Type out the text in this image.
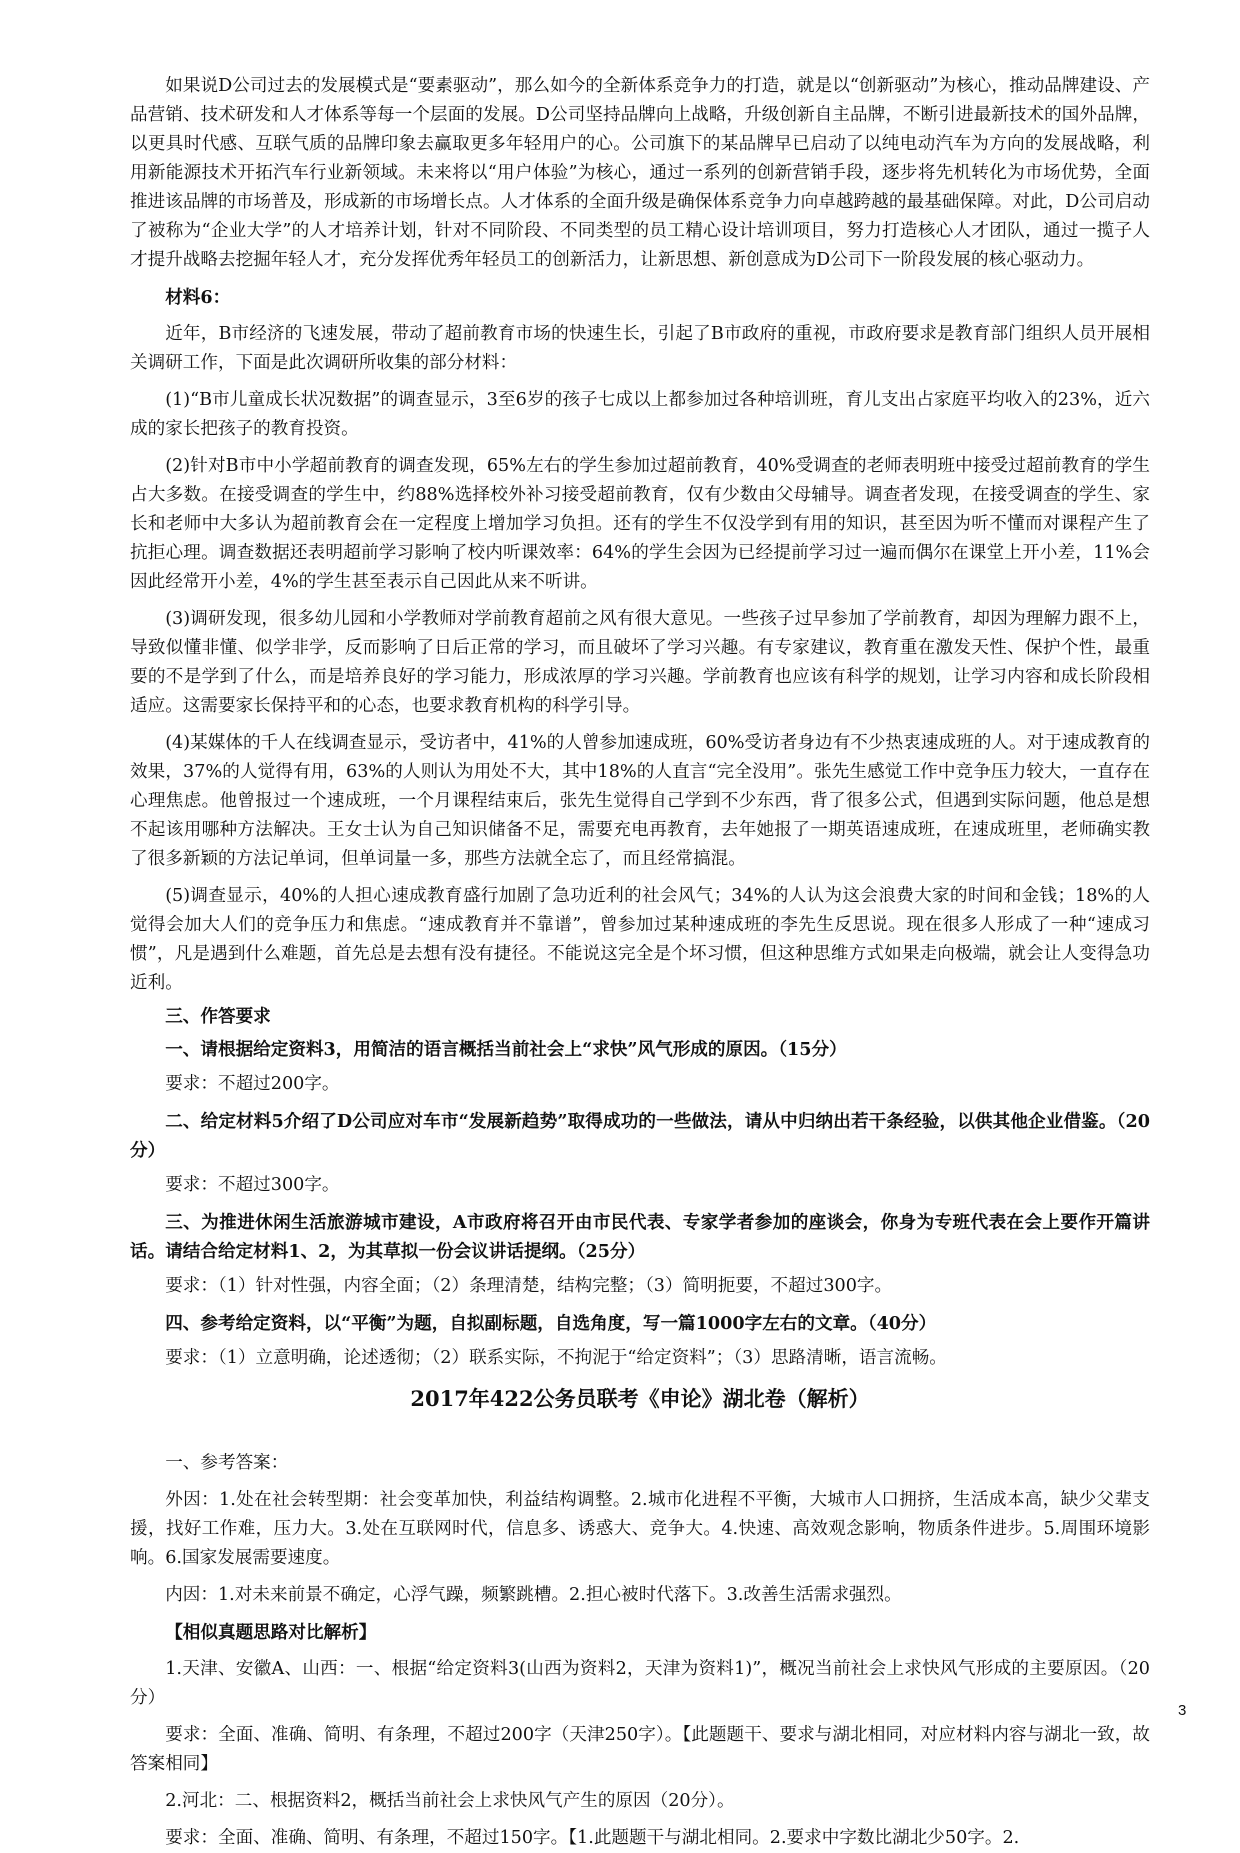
如果说D公司过去的发展模式是“要素驱动”，那么如今的全新体系竞争力的打造，就是以“创新驱动”为核心，推动品牌建设、产品营销、技术研发和人才体系等每一个层面的发展。D公司坚持品牌向上战略，升级创新自主品牌，不断引进最新技术的国外品牌，以更具时代感、互联气质的品牌印象去赢取更多年轻用户的心。公司旗下的某品牌早已启动了以纯电动汽车为方向的发展战略，利用新能源技术开拓汽车行业新领域。未来将以“用户体验”为核心，通过一系列的创新营销手段，逐步将先机转化为市场优势，全面推进该品牌的市场普及，形成新的市场增长点。人才体系的全面升级是确保体系竞争力向卓越跨越的最基础保障。对此，D公司启动了被称为“企业大学”的人才培养计划，针对不同阶段、不同类型的员工精心设计培训项目，努力打造核心人才团队，通过一揽子人才提升战略去挖掘年轻人才，充分发挥优秀年轻员工的创新活力，让新思想、新创意成为D公司下一阶段发展的核心驱动力。

材料6：

近年，B市经济的飞速发展，带动了超前教育市场的快速生长，引起了B市政府的重视，市政府要求是教育部门组织人员开展相关调研工作，下面是此次调研所收集的部分材料：

(1)“B市儿童成长状况数据”的调查显示，3至6岁的孩子七成以上都参加过各种培训班，育儿支出占家庭平均收入的23%，近六成的家长把孩子的教育投资。

(2)针对B市中小学超前教育的调查发现，65%左右的学生参加过超前教育，40%受调查的老师表明班中接受过超前教育的学生占大多数。在接受调查的学生中，约88%选择校外补习接受超前教育，仅有少数由父母辅导。调查者发现，在接受调查的学生、家长和老师中大多认为超前教育会在一定程度上增加学习负担。还有的学生不仅没学到有用的知识，甚至因为听不懂而对课程产生了抗拒心理。调查数据还表明超前学习影响了校内听课效率：64%的学生会因为已经提前学习过一遍而偶尔在课堂上开小差，11%会因此经常开小差，4%的学生甚至表示自己因此从来不听讲。

(3)调研发现，很多幼儿园和小学教师对学前教育超前之风有很大意见。一些孩子过早参加了学前教育，却因为理解力跟不上，导致似懂非懂、似学非学，反而影响了日后正常的学习，而且破坏了学习兴趣。有专家建议，教育重在激发天性、保护个性，最重要的不是学到了什么，而是培养良好的学习能力，形成浓厚的学习兴趣。学前教育也应该有科学的规划，让学习内容和成长阶段相适应。这需要家长保持平和的心态，也要求教育机构的科学引导。

(4)某媒体的千人在线调查显示，受访者中，41%的人曾参加速成班，60%受访者身边有不少热衷速成班的人。对于速成教育的效果，37%的人觉得有用，63%的人则认为用处不大，其中18%的人直言“完全没用”。张先生感觉工作中竞争压力较大，一直存在心理焦虑。他曾报过一个速成班，一个月课程结束后，张先生觉得自己学到不少东西，背了很多公式，但遇到实际问题，他总是想不起该用哪种方法解决。王女士认为自己知识储备不足，需要充电再教育，去年她报了一期英语速成班，在速成班里，老师确实教了很多新颖的方法记单词，但单词量一多，那些方法就全忘了，而且经常搞混。

(5)调查显示，40%的人担心速成教育盛行加剧了急功近利的社会风气；34%的人认为这会浪费大家的时间和金钱；18%的人觉得会加大人们的竞争压力和焦虑。“速成教育并不靠谱”，曾参加过某种速成班的李先生反思说。现在很多人形成了一种“速成习惯”，凡是遇到什么难题，首先总是去想有没有捷径。不能说这完全是个坏习惯，但这种思维方式如果走向极端，就会让人变得急功近利。

三、作答要求

一、请根据给定资料3，用简洁的语言概括当前社会上“求快”风气形成的原因。（15分）

要求：不超过200字。

二、给定材料5介绍了D公司应对车市“发展新趋势”取得成功的一些做法，请从中归纳出若干条经验，以供其他企业借鉴。（20分）

要求：不超过300字。

三、为推进休闲生活旅游城市建设，A市政府将召开由市民代表、专家学者参加的座谈会，你身为专班代表在会上要作开篇讲话。请结合给定材料1、2，为其草拟一份会议讲话提纲。（25分）

要求：（1）针对性强，内容全面；（2）条理清楚，结构完整；（3）简明扼要，不超过300字。

四、参考给定资料，以“平衡”为题，自拟副标题，自选角度，写一篇1000字左右的文章。（40分）

要求：（1）立意明确，论述透彻；（2）联系实际，不拘泥于“给定资料”；（3）思路清晰，语言流畅。

2017年422公务员联考《申论》湖北卷（解析）

一、参考答案：

外因：1.处在社会转型期：社会变革加快，利益结构调整。2.城市化进程不平衡，大城市人口拥挤，生活成本高，缺少父辈支援，找好工作难，压力大。3.处在互联网时代，信息多、诱惑大、竞争大。4.快速、高效观念影响，物质条件进步。5.周围环境影响。6.国家发展需要速度。

内因：1.对未来前景不确定，心浮气躁，频繁跳槽。2.担心被时代落下。3.改善生活需求强烈。

【相似真题思路对比解析】

1.天津、安徽A、山西：一、根据“给定资料3(山西为资料2，天津为资料1)”，概况当前社会上求快风气形成的主要原因。（20分）

要求：全面、准确、简明、有条理，不超过200字（天津250字）。【此题题干、要求与湖北相同，对应材料内容与湖北一致，故答案相同】

2.河北：二、根据资料2，概括当前社会上求快风气产生的原因（20分）。

要求：全面、准确、简明、有条理，不超过150字。【1.此题题干与湖北相同。2.要求中字数比湖北少50字。2.

3
